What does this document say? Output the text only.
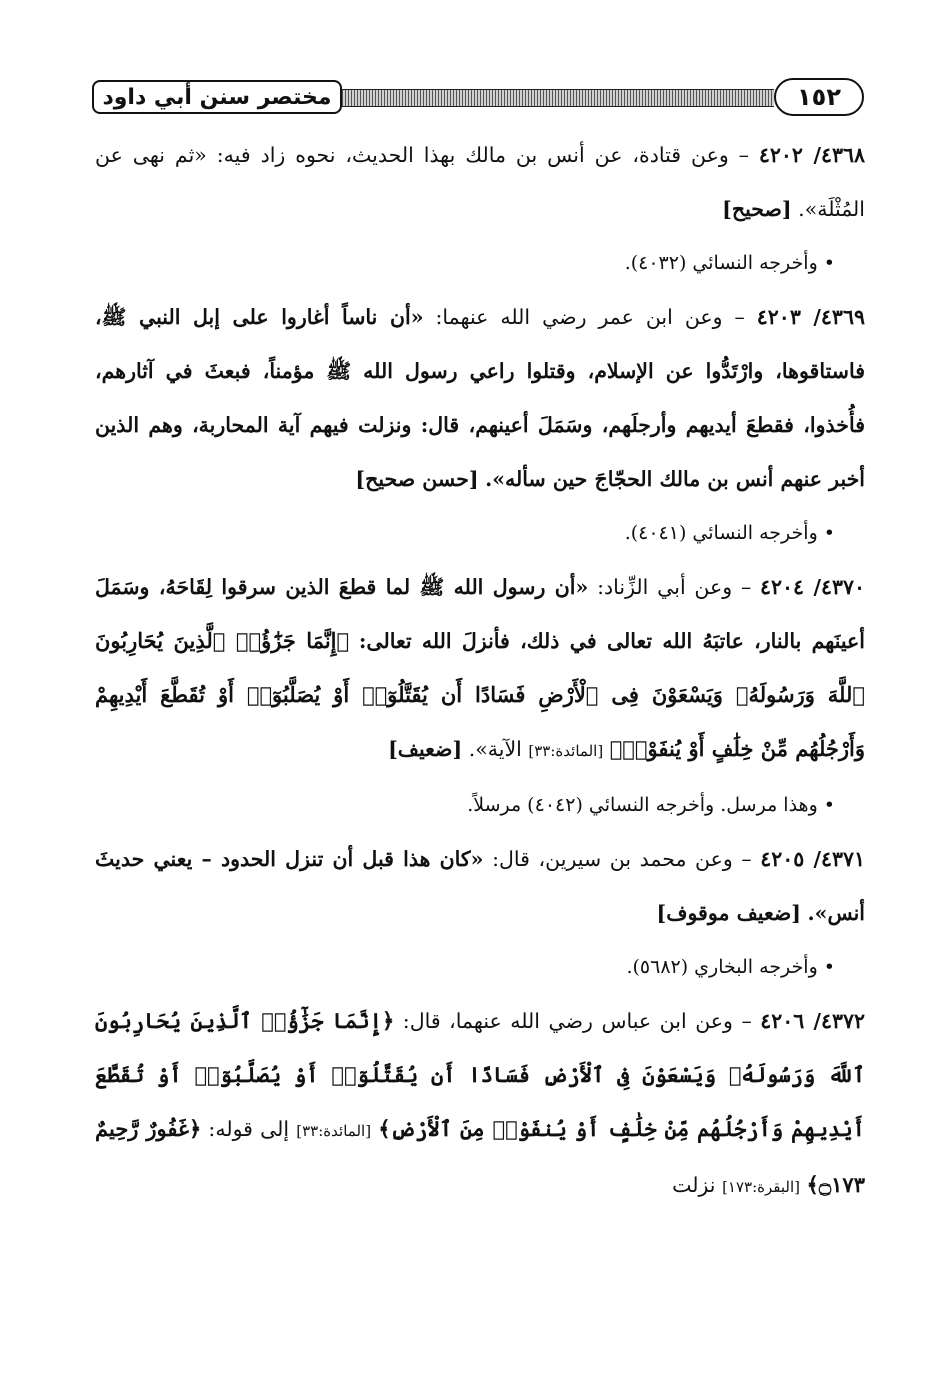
مختصر سنن أبي داود	١٥٢

٤٣٦٨/ ٤٢٠٢ – وعن قتادة، عن أنس بن مالك بهذا الحديث، نحوه زاد فيه: «ثم نهى عن المُثْلَة». [صحيح]

• وأخرجه النسائي (٤٠٣٢).

٤٣٦٩/ ٤٢٠٣ – وعن ابن عمر رضي الله عنهما: «أن ناساً أغاروا على إبل النبي ﷺ، فاستاقوها، وارْتَدُّوا عن الإسلام، وقتلوا راعي رسول الله ﷺ مؤمناً، فبعثَ في آثارهم، فأُخذوا، فقطعَ أيديهم وأرجلَهم، وسَمَلَ أعينهم، قال: ونزلت فيهم آية المحاربة، وهم الذين أخبر عنهم أنس بن مالك الحجّاجَ حين سأله». [حسن صحيح]

• وأخرجه النسائي (٤٠٤١).

٤٣٧٠/ ٤٢٠٤ – وعن أبي الزِّناد: «أن رسول الله ﷺ لما قطعَ الذين سرقوا لِقَاحَهُ، وسَمَلَ أعينَهم بالنار، عاتبَهُ الله تعالى في ذلك، فأنزلَ الله تعالى: ﴿إِنَّمَا جَزَٰٓؤُا۟ ٱلَّذِينَ يُحَارِبُونَ ٱللَّهَ وَرَسُولَهُۥ وَيَسْعَوْنَ فِى ٱلْأَرْضِ فَسَادًا أَن يُقَتَّلُوٓا۟ أَوْ يُصَلَّبُوٓا۟ أَوْ تُقَطَّعَ أَيْدِيهِمْ وَأَرْجُلُهُم مِّنْ خِلَٰفٍ أَوْ يُنفَوْا۟﴾ [المائدة:٣٣] الآية». [ضعيف]

• وهذا مرسل. وأخرجه النسائي (٤٠٤٢) مرسلاً.

٤٣٧١/ ٤٢٠٥ – وعن محمد بن سيرين، قال: «كان هذا قبل أن تنزل الحدود – يعني حديثَ أنس». [ضعيف موقوف]

• وأخرجه البخاري (٥٦٨٢).

٤٣٧٢/ ٤٢٠٦ – وعن ابن عباس رضي الله عنهما، قال: ﴿إِنَّمَا جَزَٰٓؤُا۟ ٱلَّذِينَ يُحَارِبُونَ ٱللَّهَ وَرَسُولَهُۥ وَيَسْعَوْنَ فِى ٱلْأَرْضِ فَسَادًا أَن يُقَتَّلُوٓا۟ أَوْ يُصَلَّبُوٓا۟ أَوْ تُقَطَّعَ أَيْدِيهِمْ وَأَرْجُلُهُم مِّنْ خِلَٰفٍ أَوْ يُنفَوْا۟ مِنَ ٱلْأَرْضِ﴾ [المائدة:٣٣] إلى قوله: ﴿غَفُورٌ رَّحِيمٌ ۝١٧٣﴾ [البقرة:١٧٣] نزلت
